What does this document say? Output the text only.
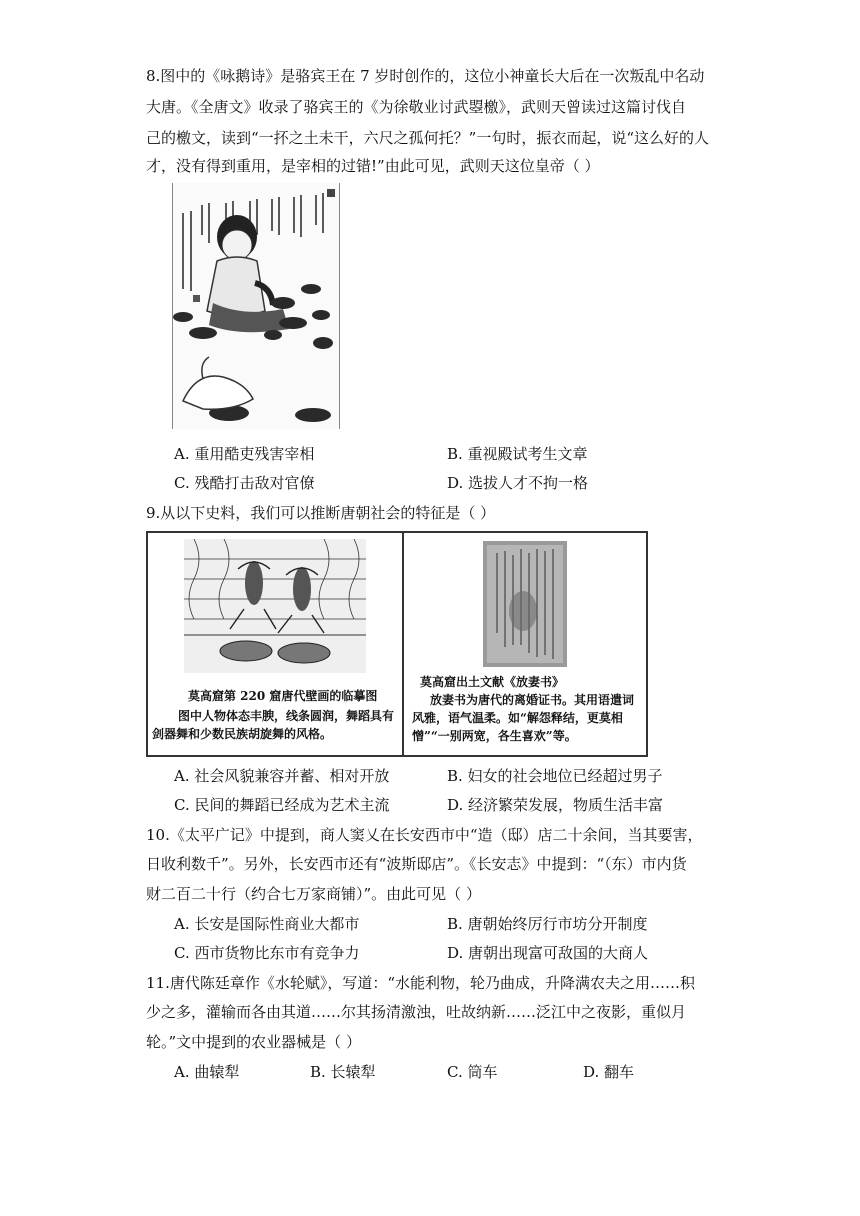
8.图中的《咏鹅诗》是骆宾王在 7 岁时创作的，这位小神童长大后在一次叛乱中名动
大唐。《全唐文》收录了骆宾王的《为徐敬业讨武曌檄》，武则天曾读过这篇讨伐自
己的檄文，读到“一抔之土未干，六尺之孤何托？”一句时，振衣而起，说“这么好的人
才，没有得到重用，是宰相的过错!”由此可见，武则天这位皇帝（ ）
A. 重用酷吏残害宰相	B. 重视殿试考生文章
C. 残酷打击敌对官僚	D. 选拔人才不拘一格
9.从以下史料，我们可以推断唐朝社会的特征是（ ）
莫高窟第 220 窟唐代壁画的临摹图
图中人物体态丰腴，线条圆润，舞蹈具有
剑器舞和少数民族胡旋舞的风格。
莫高窟出土文献《放妻书》
放妻书为唐代的离婚证书。其用语遣词
风雅，语气温柔。如“解怨释结，更莫相
憎”“一别两宽，各生喜欢”等。
A. 社会风貌兼容并蓄、相对开放	B. 妇女的社会地位已经超过男子
C. 民间的舞蹈已经成为艺术主流	D. 经济繁荣发展，物质生活丰富
10.《太平广记》中提到，商人窦乂在长安西市中“造（邸）店二十余间，当其要害，
日收利数千”。另外，长安西市还有“波斯邸店”。《长安志》中提到：“（东）市内货
财二百二十行（约合七万家商铺）”。由此可见（ ）
A. 长安是国际性商业大都市	B. 唐朝始终厉行市坊分开制度
C. 西市货物比东市有竞争力	D. 唐朝出现富可敌国的大商人
11.唐代陈廷章作《水轮赋》，写道：“水能利物，轮乃曲成，升降满农夫之用……积
少之多，灌输而各由其道……尔其扬清激浊，吐故纳新……泛江中之夜影，重似月
轮。”文中提到的农业器械是（ ）
A. 曲辕犁	B. 长辕犁	C. 筒车	D. 翻车
